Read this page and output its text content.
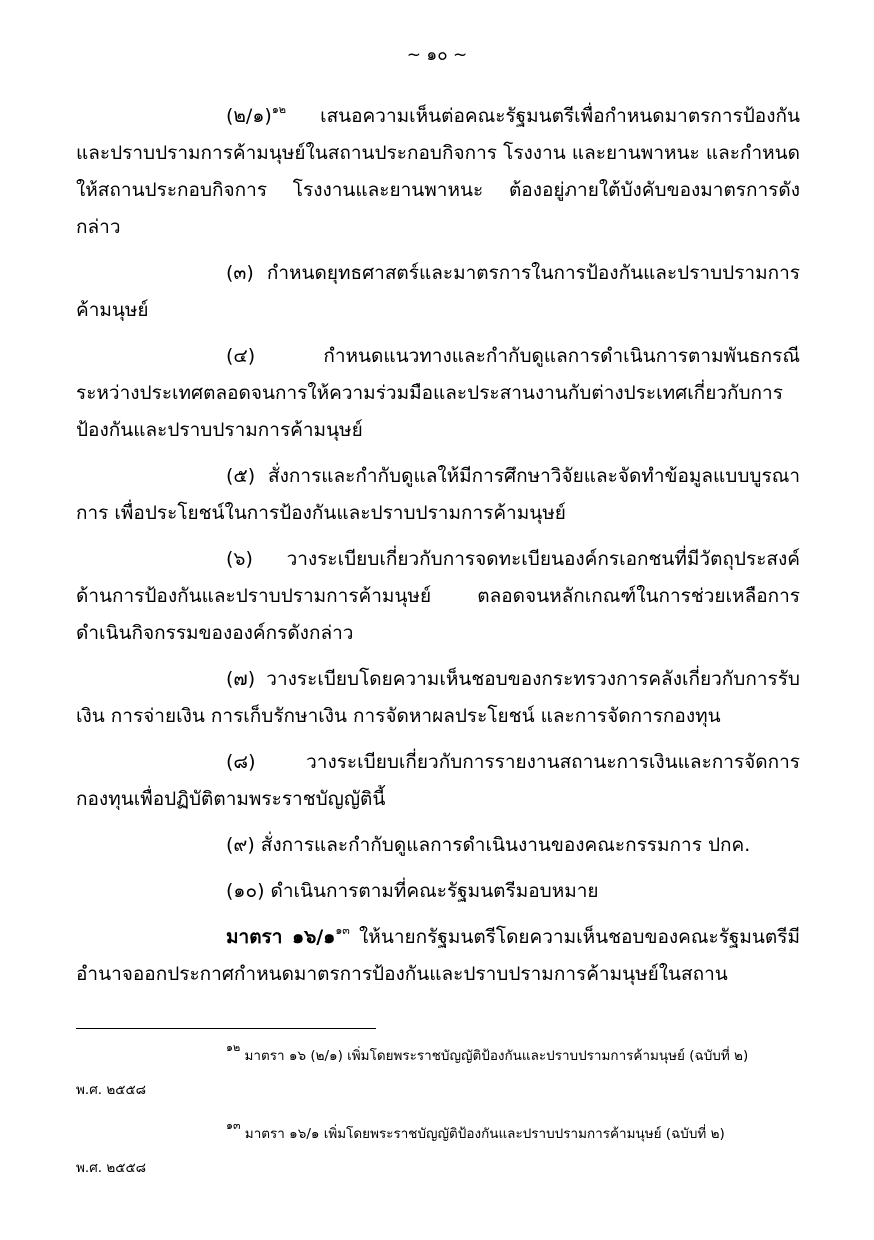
~ ๑๐ ~

(๒/๑)$^{๑๒}$ เสนอความเห็นต่อคณะรัฐมนตรีเพื่อกำหนดมาตรการป้องกันและปราบปรามการค้ามนุษย์ในสถานประกอบกิจการ โรงงาน และยานพาหนะ และกำหนดให้สถานประกอบกิจการ โรงงานและยานพาหนะ ต้องอยู่ภายใต้บังคับของมาตรการดังกล่าว

(๓) กำหนดยุทธศาสตร์และมาตรการในการป้องกันและปราบปรามการค้ามนุษย์

(๔) กำหนดแนวทางและกำกับดูแลการดำเนินการตามพันธกรณีระหว่างประเทศตลอดจนการให้ความร่วมมือและประสานงานกับต่างประเทศเกี่ยวกับการป้องกันและปราบปรามการค้ามนุษย์

(๕) สั่งการและกำกับดูแลให้มีการศึกษาวิจัยและจัดทำข้อมูลแบบบูรณาการ เพื่อประโยชน์ในการป้องกันและปราบปรามการค้ามนุษย์

(๖) วางระเบียบเกี่ยวกับการจดทะเบียนองค์กรเอกชนที่มีวัตถุประสงค์ด้านการป้องกันและปราบปรามการค้ามนุษย์ ตลอดจนหลักเกณฑ์ในการช่วยเหลือการดำเนินกิจกรรมขององค์กรดังกล่าว

(๗) วางระเบียบโดยความเห็นชอบของกระทรวงการคลังเกี่ยวกับการรับเงิน การจ่ายเงิน การเก็บรักษาเงิน การจัดหาผลประโยชน์ และการจัดการกองทุน

(๘) วางระเบียบเกี่ยวกับการรายงานสถานะการเงินและการจัดการกองทุนเพื่อปฏิบัติตามพระราชบัญญัตินี้

(๙) สั่งการและกำกับดูแลการดำเนินงานของคณะกรรมการ ปกค.

(๑๐) ดำเนินการตามที่คณะรัฐมนตรีมอบหมาย

มาตรา ๑๖/๑$^{๑๓}$ ให้นายกรัฐมนตรีโดยความเห็นชอบของคณะรัฐมนตรีมีอำนาจออกประกาศกำหนดมาตรการป้องกันและปราบปรามการค้ามนุษย์ในสถาน

$^{๑๒}$ มาตรา ๑๖ (๒/๑) เพิ่มโดยพระราชบัญญัติป้องกันและปราบปรามการค้ามนุษย์ (ฉบับที่ ๒)

พ.ศ. ๒๕๕๘

$^{๑๓}$ มาตรา ๑๖/๑ เพิ่มโดยพระราชบัญญัติป้องกันและปราบปรามการค้ามนุษย์ (ฉบับที่ ๒)

พ.ศ. ๒๕๕๘
